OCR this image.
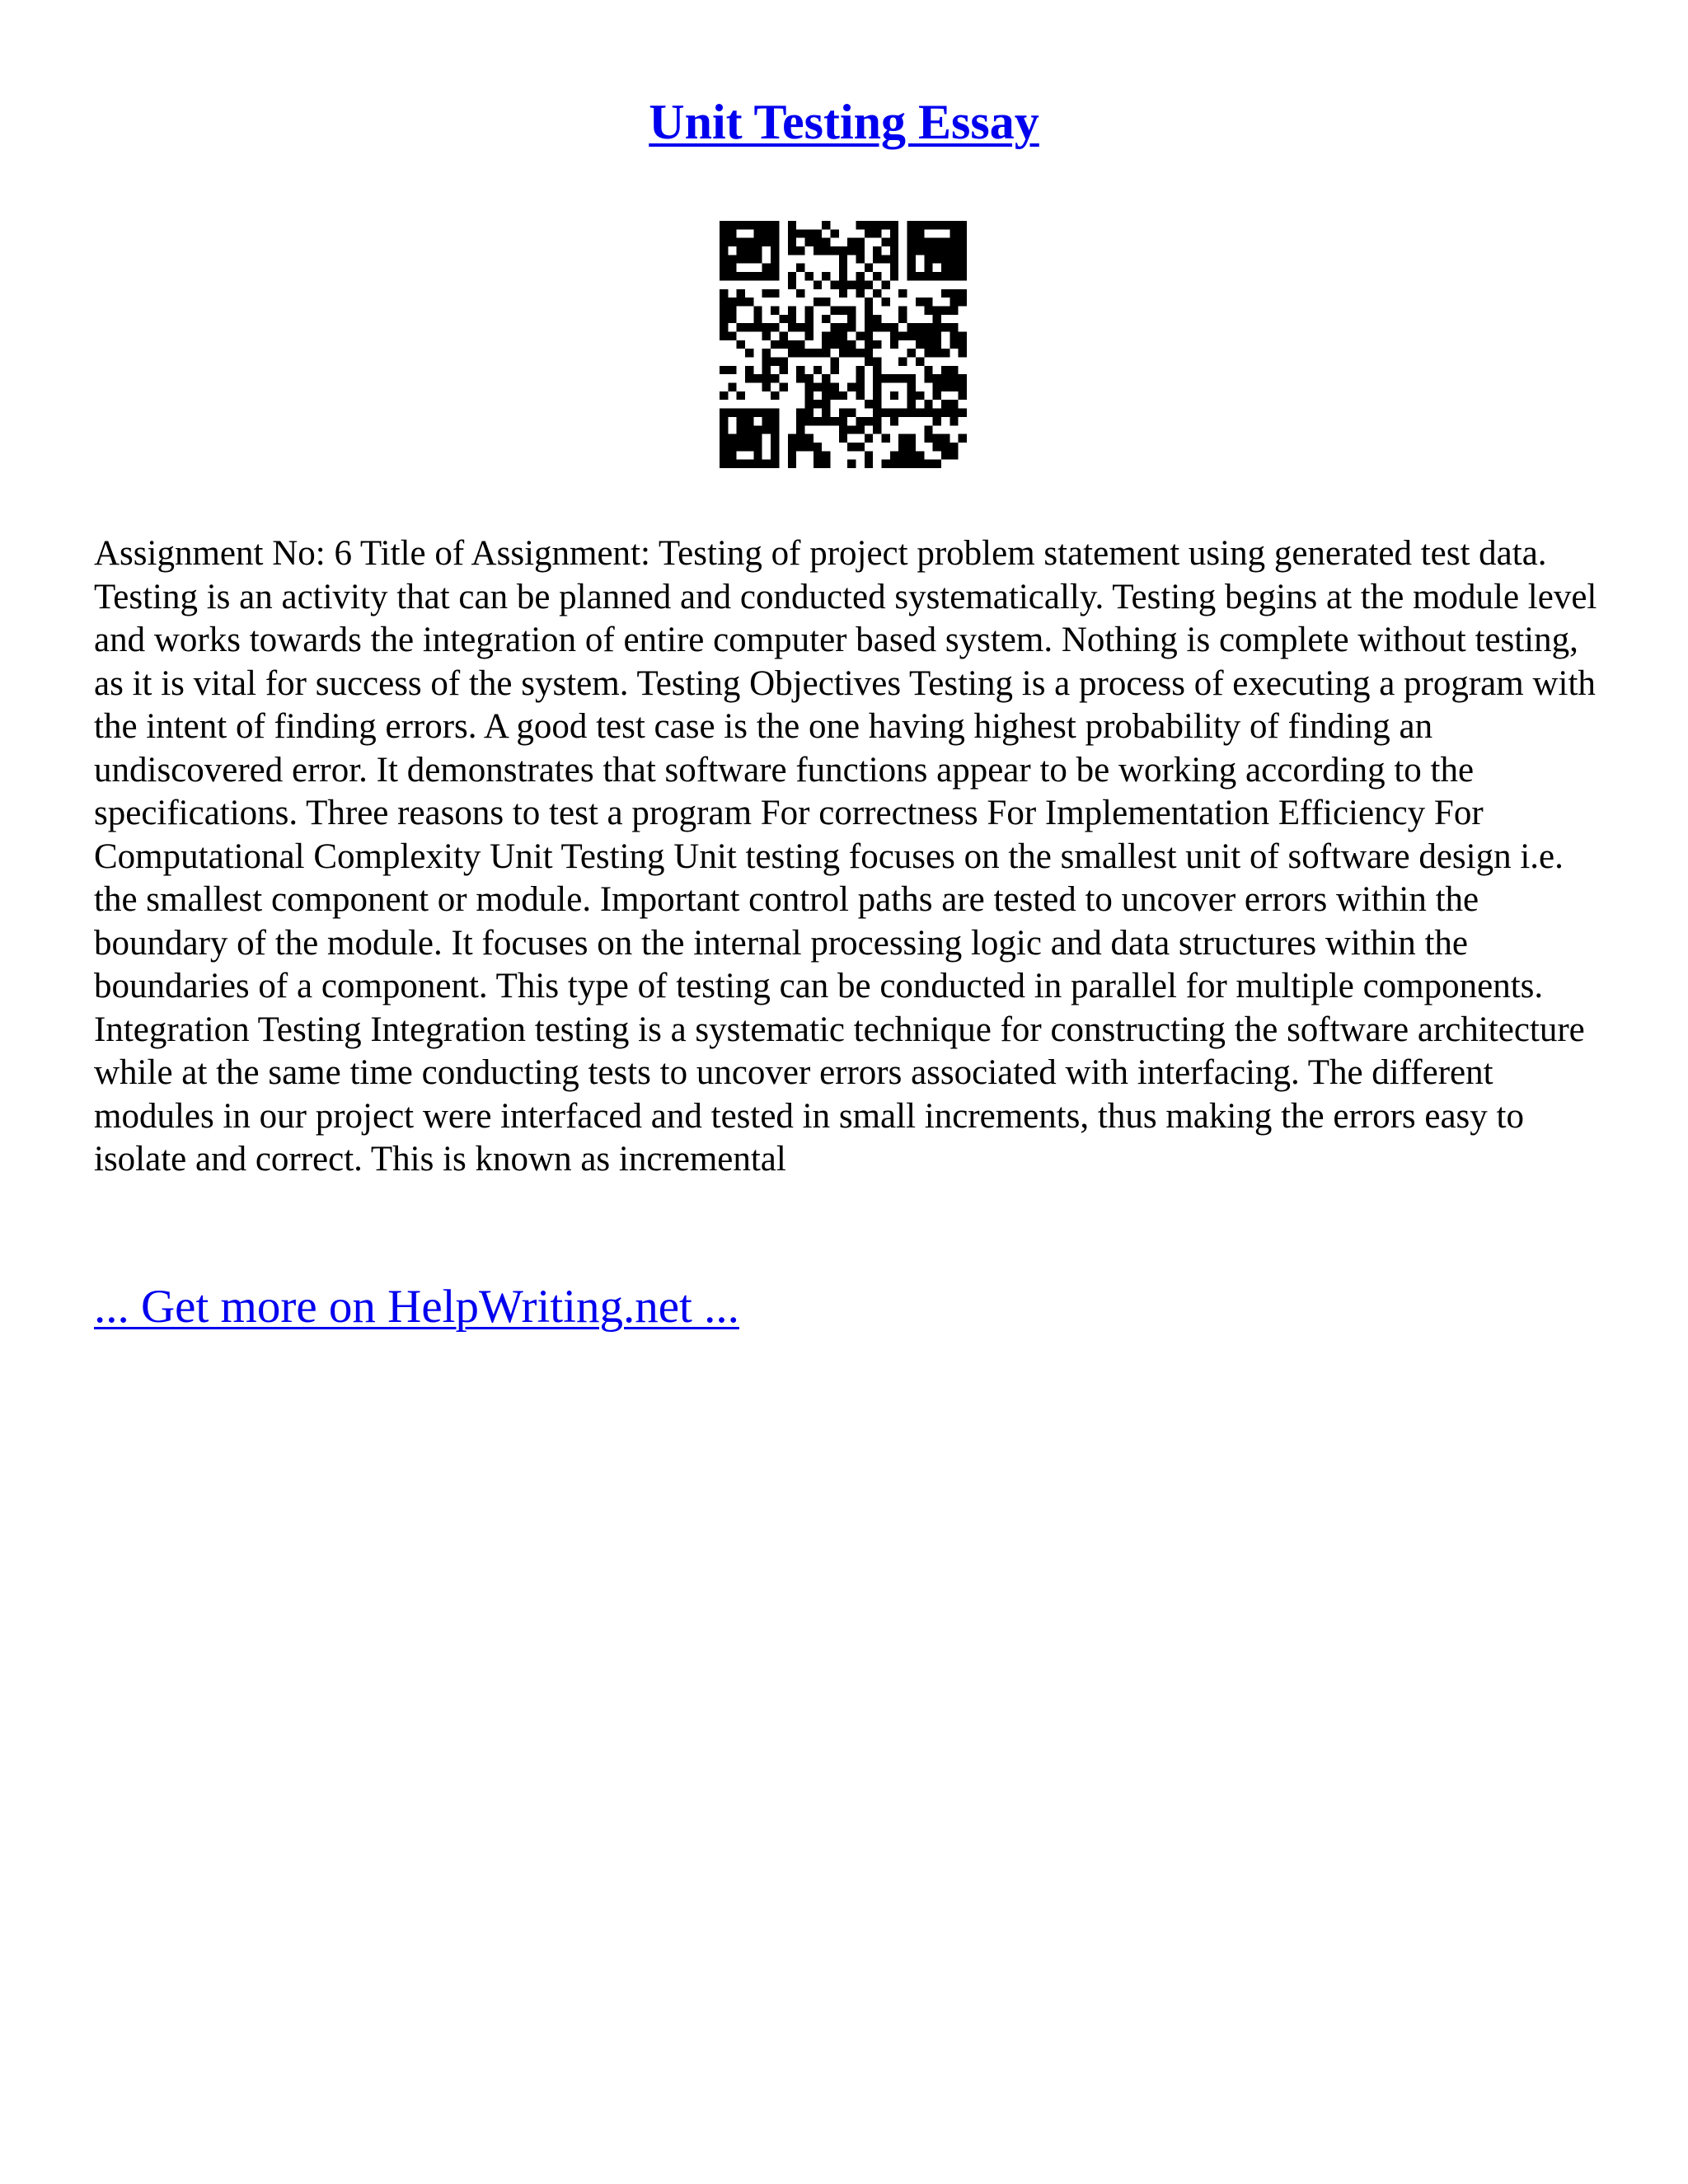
Unit Testing Essay

Assignment No: 6 Title of Assignment: Testing of project problem statement using generated test data. Testing is an activity that can be planned and conducted systematically. Testing begins at the module level and works towards the integration of entire computer based system. Nothing is complete without testing, as it is vital for success of the system. Testing Objectives Testing is a process of executing a program with the intent of finding errors. A good test case is the one having highest probability of finding an undiscovered error. It demonstrates that software functions appear to be working according to the specifications. Three reasons to test a program For correctness For Implementation Efficiency For Computational Complexity Unit Testing Unit testing focuses on the smallest unit of software design i.e. the smallest component or module. Important control paths are tested to uncover errors within the boundary of the module. It focuses on the internal processing logic and data structures within the boundaries of a component. This type of testing can be conducted in parallel for multiple components. Integration Testing Integration testing is a systematic technique for constructing the software architecture while at the same time conducting tests to uncover errors associated with interfacing. The different modules in our project were interfaced and tested in small increments, thus making the errors easy to isolate and correct. This is known as incremental

... Get more on HelpWriting.net ...
